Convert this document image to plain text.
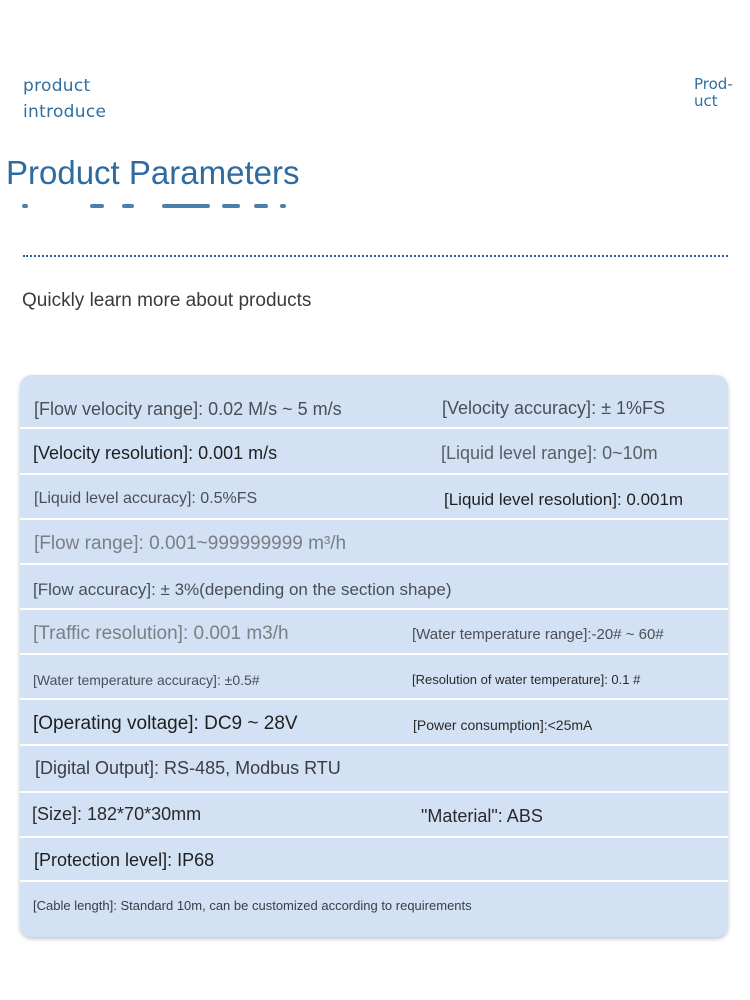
product
introduce
Prod-
uct
Product Parameters
Quickly learn more about products
[Flow velocity range]: 0.02 M/s ~ 5 m/s	[Velocity accuracy]: ± 1%FS
[Velocity resolution]: 0.001 m/s	[Liquid level range]: 0~10m
[Liquid level accuracy]: 0.5%FS	[Liquid level resolution]: 0.001m
[Flow range]: 0.001~999999999 m³/h
[Flow accuracy]: ± 3%(depending on the section shape)
[Traffic resolution]: 0.001 m3/h	[Water temperature range]:-20# ~ 60#
[Water temperature accuracy]: ±0.5#	[Resolution of water temperature]: 0.1 #
[Operating voltage]: DC9 ~ 28V	[Power consumption]:<25mA
[Digital Output]: RS-485, Modbus RTU
[Size]: 182*70*30mm	"Material": ABS
[Protection level]: IP68
[Cable length]: Standard 10m, can be customized according to requirements
